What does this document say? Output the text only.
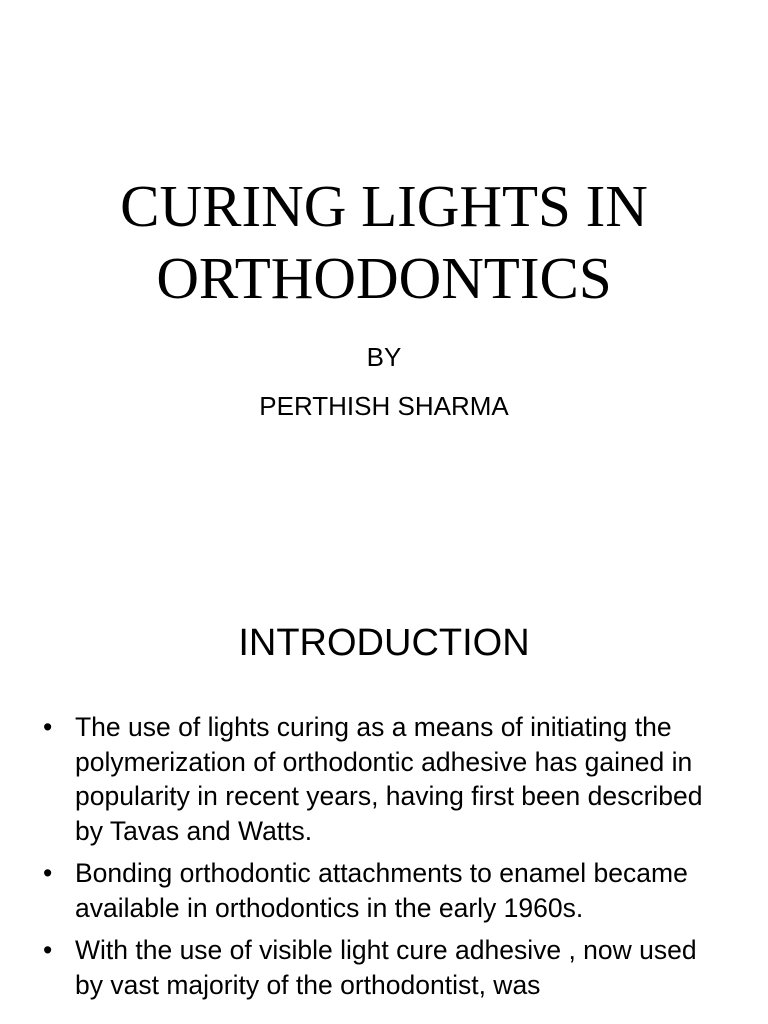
CURING LIGHTS IN
ORTHODONTICS
BY
PERTHISH SHARMA
INTRODUCTION
• The use of lights curing as a means of initiating the polymerization of orthodontic adhesive has gained in popularity in recent years, having first been described by Tavas and Watts.
• Bonding orthodontic attachments to enamel became available in orthodontics in the early 1960s.
• With the use of visible light cure adhesive , now used by vast majority of the orthodontist, was
